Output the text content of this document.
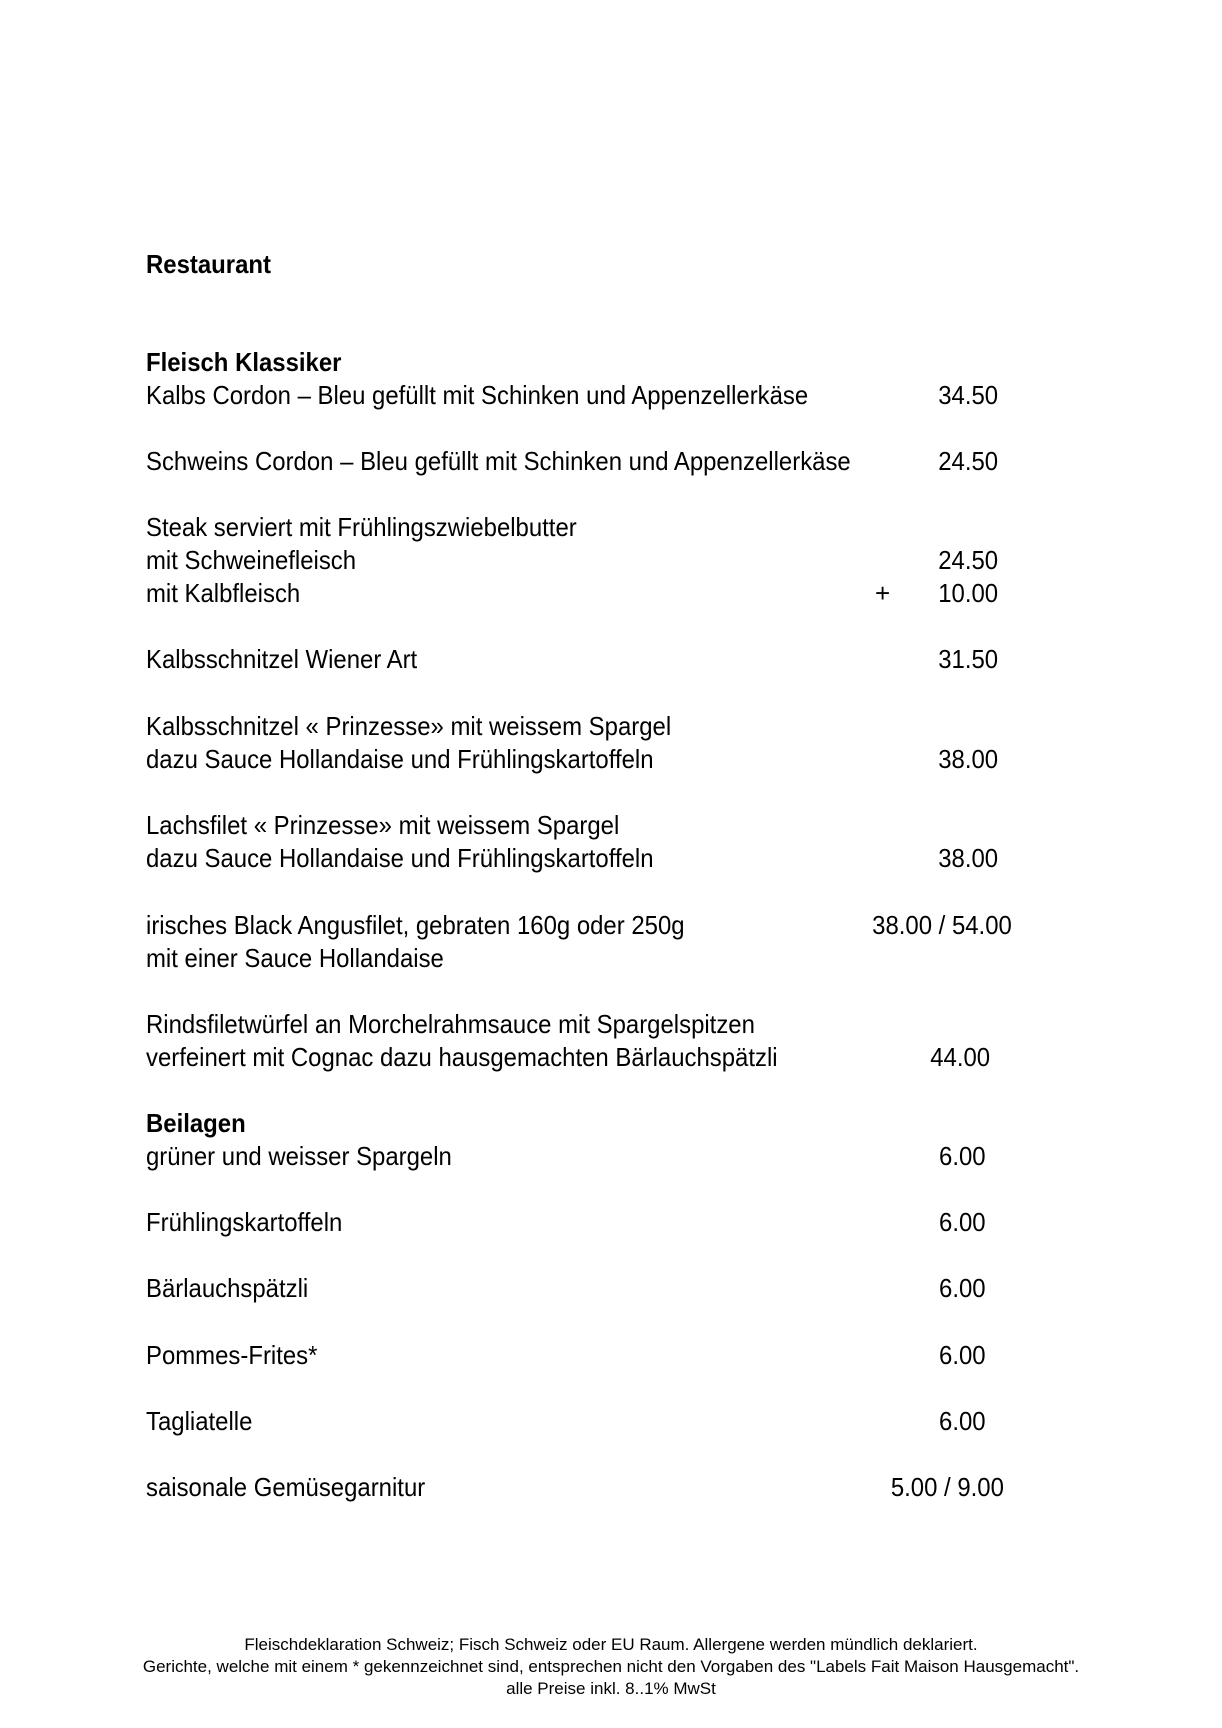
Restaurant
Fleisch Klassiker
Kalbs Cordon – Bleu gefüllt mit Schinken und Appenzellerkäse	34.50
Schweins Cordon – Bleu gefüllt mit Schinken und Appenzellerkäse	24.50
Steak serviert mit Frühlingszwiebelbutter
mit Schweinefleisch	24.50
mit Kalbfleisch	+ 10.00
Kalbsschnitzel Wiener Art	31.50
Kalbsschnitzel « Prinzesse» mit weissem Spargel
dazu Sauce Hollandaise und Frühlingskartoffeln	38.00
Lachsfilet « Prinzesse» mit weissem Spargel
dazu Sauce Hollandaise und Frühlingskartoffeln	38.00
irisches Black Angusfilet, gebraten 160g oder 250g	38.00 / 54.00
mit einer Sauce Hollandaise
Rindsfiletwürfel an Morchelrahmsauce mit Spargelspitzen
verfeinert mit Cognac dazu hausgemachten Bärlauchspätzli	44.00
Beilagen
grüner und weisser Spargeln	6.00
Frühlingskartoffeln	6.00
Bärlauchspätzli	6.00
Pommes-Frites*	6.00
Tagliatelle	6.00
saisonale Gemüsegarnitur	5.00 / 9.00
Fleischdeklaration Schweiz; Fisch Schweiz oder EU Raum. Allergene werden mündlich deklariert.
Gerichte, welche mit einem * gekennzeichnet sind, entsprechen nicht den Vorgaben des "Labels Fait Maison Hausgemacht".
alle Preise inkl. 8..1% MwSt
